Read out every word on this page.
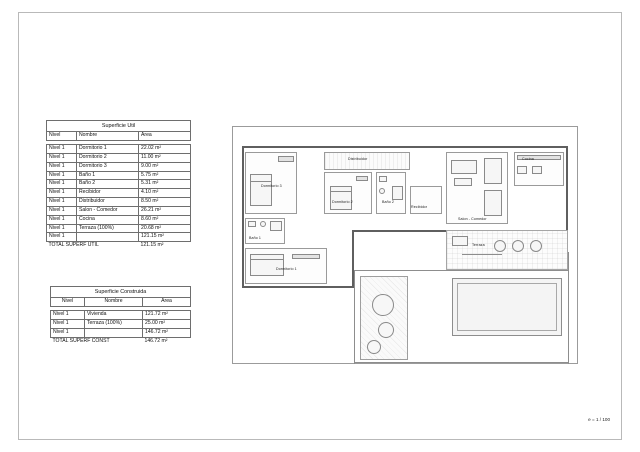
Superficie Util		
Nivel	Nombre	Area

Nivel 1	Dormitorio 1	22.02 m²
Nivel 1	Dormitorio 2	11.00 m²
Nivel 1	Dormitorio 3	9.00 m²
Nivel 1	Baño 1	5.75 m²
Nivel 1	Baño 2	5.31 m²
Nivel 1	Recibidor	4.10 m²
Nivel 1	Distribuidor	8.50 m²
Nivel 1	Salon - Comedor	26.21 m²
Nivel 1	Cocina	8.60 m²
Nivel 1	Terraza (100%)	20.68 m²
Nivel 1		121.15 m²
TOTAL SUPERF UTIL		121.15 m²
Superficie Construida		
Nivel	Nombre	Área

Nivel 1	Vivienda	121.72 m²
Nivel 1	Terraza (100%)	25.00 m²
Nivel 1		146.72 m²
TOTAL SUPERF CONST		146.72 m²
Dormitorio 3
Dormitorio 2
Dormitorio 1
Distribuidor
Baño 2
Baño 1
Recibidor
Cocina
Salon - Comedor
Terraza
e = 1 / 100
